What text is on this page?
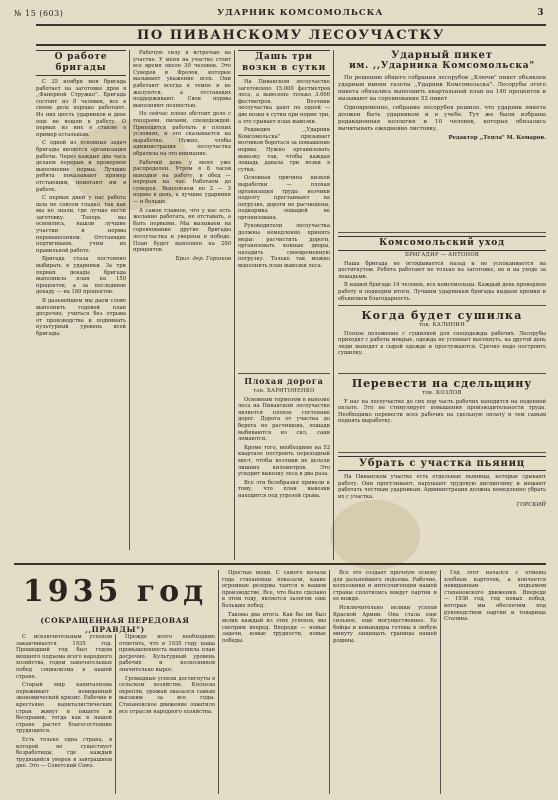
№ 15 (603)	УДАРНИК КОМСОМОЛЬСКА	3
ПО ПИВАНСКОМУ ЛЕСОУЧАСТКУ
О работе бригады

С 25 ноября моя бригада работает на заготовке дров в ,,Фанерной Стружке". Бригада состоит из 8 человек, все в своем деле хорошо работают. Из них шесть ударников и двое еще не вошли в работу. О первых из них я ставлю в пример остальным.

С одной из основных задач бригады является организация работы. Через каждые два часа делаем перерыв и проверяем выполнение нормы. Лучшие ребята показывают пример отстающим, помогают им в работе.

С первых дней у нас работа шла не совсем гладко, так как мы не знали, где лучше вести заготовку. Теперь мы освоились, нашли лучшие участки и нормы перевыполняем. Отстающих подтягиваем, учим их правильной работе.

Бригада стала постоянно выбирать в ударники. За три первых декады бригада выполнила план на 150 процентов, а за последнюю декаду — на 180 процентов.

В дальнейшем мы даем слово выполнить годовой план досрочно, учиться без отрыва от производства и поднимать культурный уровень всей бригады.

Рабочую силу я встречаю на участке. У меня на участке стоит все время около 30 человек. Это Суворов и Фролов, которые вызывают уважение всех. Они работают всегда в темпе и не жалуются, а отстающих поддерживают. Свои нормы выполняют полностью.

Но сейчас плохо обстоит дело с топорами, пилами, спецодеждой. Приходится работать в плохих условиях, и это сказывается на выработке. Нужно, чтобы администрация лесоучастка обратила на это внимание.

Рабочий день у меня уже распределен. Утром в 8 часов выходим на работу, в обед — перерыв на час. Работаем до сумерек. Выполняем по 2 — 3 нормы в день, а лучшие ударники — и больше.

А самое главное, что у нас есть желание работать, не отставать, а быть первыми. Мы вызываем на соревнование другие бригады лесоучастка и уверены в победе. План будет выполнен на 200 процентов.

Бриг. дер. Горшков
Дашь три возки в сутки

На Пиванском лесоучастке заготовлено 15.000 фестметров леса, а вывезено только 3.000 фестметров. Возчики лесоучастка дают по одной — две возки в сутки при норме три, а это срывает план вывозки.

Редакция ,,Ударник Комсомольска" призывает возчиков бороться за повышение нормы. Нужно организовать вывозку так, чтобы каждая лошадь давала три возки в сутки.

Основная причина низкой выработки — плохая организация труда: возчики подолгу простаивают на погрузке, дороги не расчищены, подкормка лошадей не организована.

Руководители лесоучастка должны немедленно принять меры: расчистить дороги, организовать конные дворы, наладить своевременную погрузку. Только так можно выполнить план вывозки леса.

Плохая дорога
тов. ХАРИТОНЕНКО

Основным тормозом в вывозке леса на Пиванском лесоучастке является плохое состояние дорог. Дорога от участка до берега не расчищена, лошади выбиваются из сил, сани ломаются.

Кроме того, необходимо на 52 квартале построить переходный мост, чтобы возчики не делали лишних километров. Это ускорит вывозку леса в два раза.

Все эти безобразия привели к тому, что план вывозки находится под угрозой срыва.

Ударный пикет
им. ,,Ударника Комсомольска"

По решению общего собрания лесорубов ,,Ключи" пикет объявлен ударным имени газеты ,,Ударник Комсомольска". Лесорубы этого пикета обязались выполнить квартальный план на 140 процентов и вызывают на соревнование 52 пикет.

Одновременно, собрание лесорубов решило, что ударник пикета должен быть ударником и в учебе. Тут же были избраны редакционная коллегия и 10 человек, которые обязались вычитывать ежедневно листовку.

Редактор ,,Тепла" М. Комаров.
Комсомольский уход
БРИГАДИР — АНТОНОВ

Наша бригада не оглядывается назад и не успокаивается на достигнутом. Ребята работают не только на заготовке, но и на уходе за лошадьми.

В нашей бригаде 14 человек, все комсомольцы. Каждый день проверяем работу и подводим итоги. Лучшим ударникам бригады выдаем премии и объявляем благодарность.

Когда будет сушилка
тов. КАЛИНИН

Плохое положение с сушилкой для спецодежды рабочих. Лесорубы приходят с работы мокрые, одежда не успевает высохнуть, на другой день люди выходят в сырой одежде и простужаются. Срочно надо построить сушилку.

Перевести на сдельщину
тов. КОЗЛОВ

У нас на лесоучастке до сих пор часть рабочих находится на поденной оплате. Это не стимулирует повышения производительности труда. Необходимо перевести всех рабочих на сдельную оплату и тем самым поднять выработку.

Убрать с участка пьяниц

На Пиванском участке есть отдельные пьяницы, которые срывают работу. Они прогуливают, нарушают трудовую дисциплину и мешают работать честным ударникам. Администрация должна немедленно убрать их с участка.

ГОРСКИЙ
1935 год
(СОКРАЩЕННАЯ ПЕРЕДОВАЯ ,,ПРАВДЫ")

С исключительным успехом заканчивается 1935 год. Прошедший год был годом мощного подъема всего народного хозяйства, годом замечательных побед социализма в нашей стране.

Старый мир капитализма переживает невиданный экономический кризис. Рабочие и крестьяне капиталистических стран живут в нищете и бесправии, тогда как в нашей стране растет благосостояние трудящихся.

Есть только одна страна, в которой не существует безработицы, где каждый трудящийся уверен в завтрашнем дне. Это — Советский Союз.

Прежде всего необходимо отметить, что в 1935 году наша промышленность выполнила план досрочно. Культурный уровень рабочих и колхозников значительно вырос.

Громадные успехи достигнуты в сельском хозяйстве. Колхозы окрепли, урожай оказался самым высоким за все годы. Стахановское движение охватило все отрасли народного хозяйства.

Простые вещи. С самого начала года стахановцы показали, какие огромные резервы таятся в нашем производстве. Все, что было сделано в этом году, является залогом еще больших побед.

Таковы два итога. Как бы ни был велик каждый из этих успехов, мы смотрим вперед. Впереди — новые задачи, новые трудности, новые победы.

Все это создает прочную основу для дальнейшего подъема. Рабочие, колхозники и интеллигенция нашей страны сплотились вокруг партии и ее вождя.

Исключительно велики успехи Красной Армии. Она стала еще сильнее, еще могущественнее. Ее бойцы и командиры готовы в любую минуту защищать границы нашей родины.

Год этот начался с отмены хлебных карточек, а кончается невиданным подъемом стахановского движения. Впереди — 1936 год, год новых побед, которые мы обеспечим под руководством партии и товарища Сталина.
